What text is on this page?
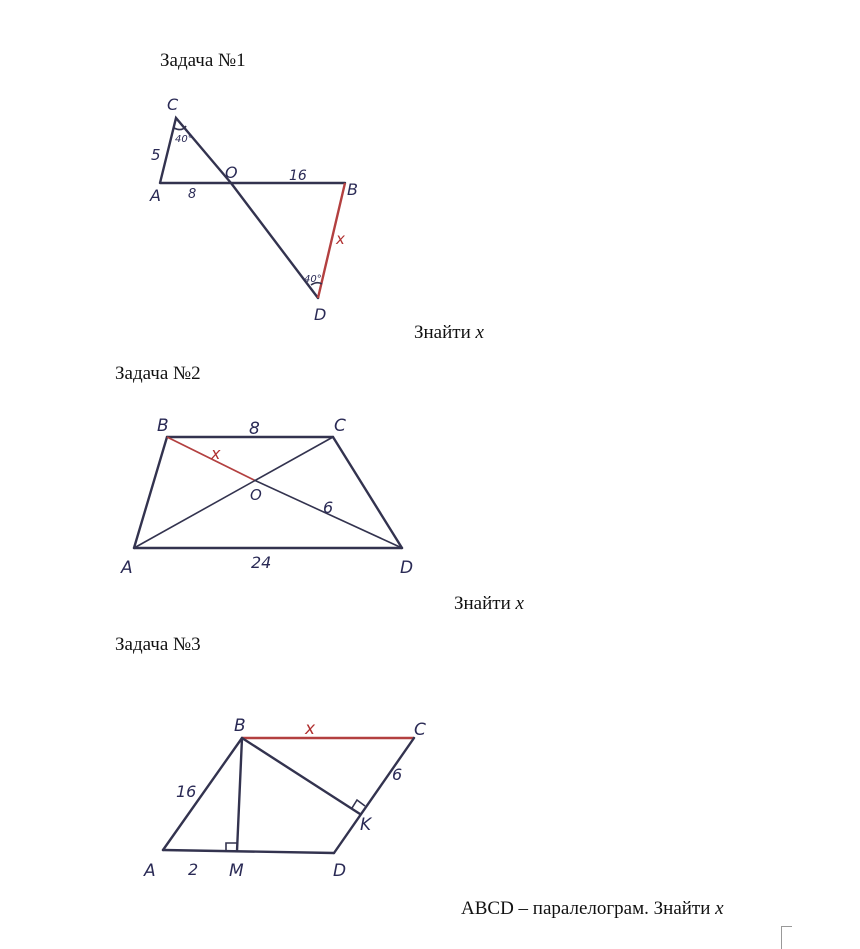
Задача №1
C
A
O
B
D
5
8
16
x
40°
40°
Знайти x
Задача №2
B	C
A	D
O
8
24
x
6
Знайти x
Задача №3
B	C
A	M	D
K
16
6
x
2
ABCD – паралелограм. Знайти x
